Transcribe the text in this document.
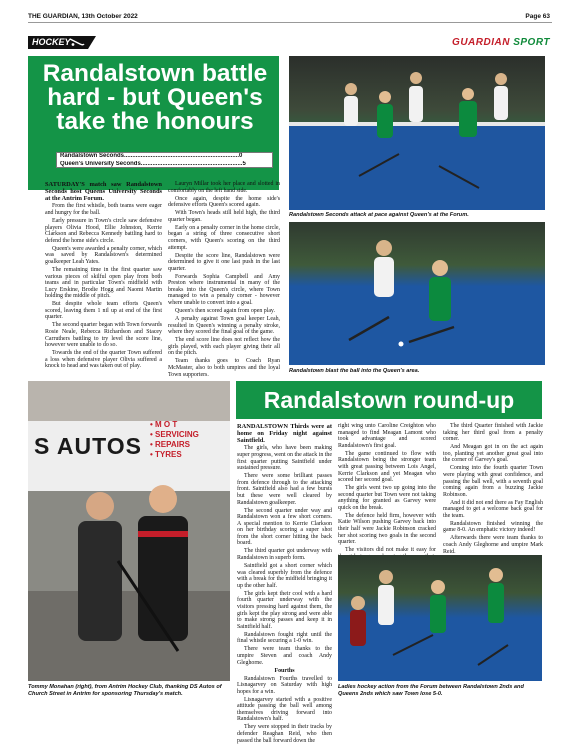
THE GUARDIAN, 13th October 2022	Page 63
HOCKEY	GUARDIAN SPORT
Randalstown battle hard - but Queen's take the honours
Randalstown Seconds.....................................................................0
Queen's University Seconds.............................................................5

SATURDAY'S match saw Randalstown Seconds host Queens University Seconds at the Antrim Forum.

From the first whistle, both teams were eager and hungry for the ball.

Early pressure in Town's circle saw defensive players Olivia Hood, Ellie Johnston, Kerrie Clarkson and Rebecca Kennedy battling hard to defend the home side's circle.

Queen's were awarded a penalty corner, which was saved by Randalstown's determined goalkeeper Leah Yates.

The remaining time in the first quarter saw various pieces of skilful open play from both teams and in particular Town's midfield with Lucy Erskine, Brodie Hogg and Naomi Martin holding the middle of pitch.

But despite whole team efforts Queen's scored, leaving them 1 nil up at end of the first quarter.

The second quarter began with Town forwards Rosie Neale, Rebecca Richardson and Stacey Carruthers battling to try level the score line, however were unable to do so.

Towards the end of the quarter Town suffered a loss when defensive player Olivia suffered a knock to head and was taken out of play.

Lauryn Millar took her place and slotted in comfortably on the left hand side.

Once again, despite the home side's defensive efforts Queen's scored again.

With Town's heads still held high, the third quarter began.

Early on a penalty corner in the home circle, began a string of three consecutive short corners, with Queen's scoring on the third attempt.

Despite the score line, Randalstown were determined to give it one last push in the last quarter.

Forwards Sophia Campbell and Amy Preston where instrumental in many of the breaks into the Queen's circle, where Town managed to win a penalty corner - however where unable to convert into a goal.

Queen's then scored again from open play.

A penalty against Town goal keeper Leah, resulted in Queen's winning a penalty stroke, where they scored the final goal of the game.

The end score line does not reflect how the girls played, with each player giving their all on the pitch.

Team thanks goes to Coach Ryan McMaster, also to both umpires and the loyal Town supporters.

Randalstown Seconds attack at pace against Queen's at the Forum.
Randalstown blast the ball into the Queen's area.
S AUTOS
• M O T
• SERVICING
• REPAIRS
• TYRES
Tommy Monahan (right), from Antrim Hockey Club, thanking DS Autos of Church Street in Antrim for sponsoring Thursday's match.
Randalstown round-up

RANDALSTOWN Thirds were at home on Friday night against Saintfield.

The girls, who have been making super progress, went on the attack in the first quarter putting Saintfield under sustained pressure.

There were some brilliant passes from defence through to the attacking front. Saintfield also had a few bursts but these were well cleared by Randalstown goalkeeper.

The second quarter under way and Randalstown won a few short corners. A special mention to Kerrie Clarkson on her birthday scoring a super shot from the short corner hitting the back board.

The third quarter got underway with Randalstown in superb form.

Saintfield got a short corner which was cleared superbly from the defence with a break for the midfield bringing it up the other half.

The girls kept their cool with a hard fourth quarter underway with the visitors pressing hard against them, the girls kept the play strong and were able to make strong passes and keep it in Saintfield half.

Randalstown fought right until the final whistle securing a 1-0 win.

There were team thanks to the umpire Steven and coach Andy Gleghorne.

Fourths

Randalstown Fourths travelled to Lisnagarvey on Saturday with high hopes for a win.

Lisnagarvey started with a positive attitude passing the ball well among themselves driving forward into Randalstown's half.

They were stopped in their tracks by defender Reaghan Reid, who then passed the ball forward down the

right wing unto Caroline Creighton who managed to find Meagan Lamont who took advantage and scored Randalstown's first goal.

The game continued to flow with Randalstown being the stronger team with great passing between Lois Angel, Kerrie Clarkson and yet Meagan who scored her second goal.

The girls went two up going into the second quarter but Town were not taking anything for granted as Garvey were quick on the break.

The defence held firm, however with Katie Wilson pushing Garvey back into their half were Jackie Robinson cracked her shot scoring two goals in the second quarter.

The visitors did not make it easy for

The third Quarter finished with Jackie taking her third goal from a penalty corner.

And Meagan got in on the act again too, planting yet another great goal into the corner of Garvey's goal.

Coming into the fourth quarter Town were playing with great confidence, and passing the ball well, with a seventh goal coming again from a buzzing Jackie Robinson.

And it did not end there as Fay English managed to get a welcome back goal for the team.

Randalstown finished winning the game 8-0. An emphatic victory indeed!

Afterwards there were team thanks to coach Andy Gleghorne and umpire Mark Reid.

Ladies hockey action from the Forum between Randalstown 2nds and Queens 2nds which saw Town lose 5-0.
